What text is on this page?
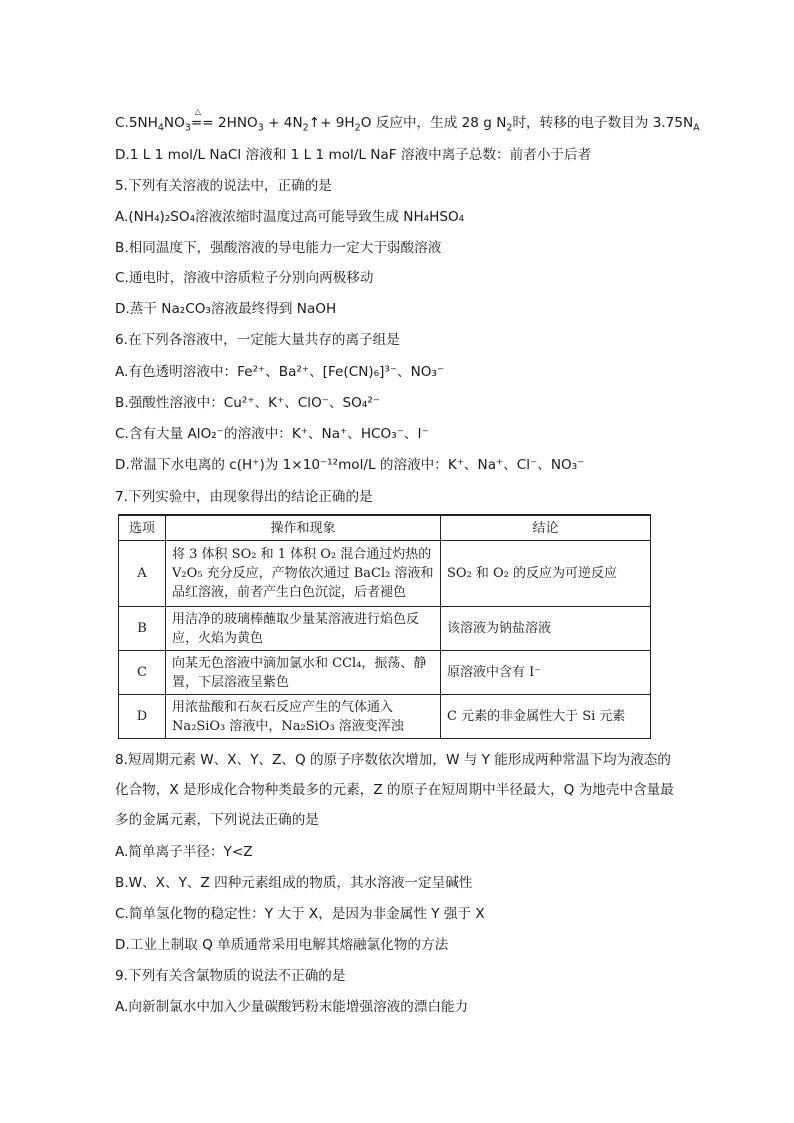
$C.5NH_4NO_3$
△
== $2HNO_3$ + $4N_2↑+ 9H_2O$ 反应中，生成 28 g $N_2$时，转移的电子数目为 $3.75N_A$
D.1 L 1 mol/L NaCl 溶液和 1 L 1 mol/L NaF 溶液中离子总数：前者小于后者
5.下列有关溶液的说法中，正确的是
A.(NH₄)₂SO₄溶液浓缩时温度过高可能导致生成 NH₄HSO₄
B.相同温度下，强酸溶液的导电能力一定大于弱酸溶液
C.通电时，溶液中溶质粒子分别向两极移动
D.蒸干 Na₂CO₃溶液最终得到 NaOH
6.在下列各溶液中，一定能大量共存的离子组是
A.有色透明溶液中：Fe²⁺、Ba²⁺、[Fe(CN)₆]³⁻、NO₃⁻
B.强酸性溶液中：Cu²⁺、K⁺、ClO⁻、SO₄²⁻
C.含有大量 AlO₂⁻的溶液中：K⁺、Na⁺、HCO₃⁻、I⁻
D.常温下水电离的 c(H⁺)为 1×10⁻¹²mol/L 的溶液中：K⁺、Na⁺、Cl⁻、NO₃⁻
7.下列实验中，由现象得出的结论正确的是
选项	操作和现象	结论
A	将 3 体积 SO₂ 和 1 体积 O₂ 混合通过灼热的 V₂O₅ 充分反应，产物依次通过 BaCl₂ 溶液和品红溶液，前者产生白色沉淀，后者褪色	SO₂ 和 O₂ 的反应为可逆反应
B	用洁净的玻璃棒蘸取少量某溶液进行焰色反应，火焰为黄色	该溶液为钠盐溶液
C	向某无色溶液中滴加氯水和 CCl₄，振荡、静置，下层溶液呈紫色	原溶液中含有 I⁻
D	用浓盐酸和石灰石反应产生的气体通入 Na₂SiO₃ 溶液中，Na₂SiO₃ 溶液变浑浊	C 元素的非金属性大于 Si 元素
8.短周期元素 W、X、Y、Z、Q 的原子序数依次增加，W 与 Y 能形成两种常温下均为液态的
化合物，X 是形成化合物种类最多的元素，Z 的原子在短周期中半径最大，Q 为地壳中含量最
多的金属元素，下列说法正确的是
A.简单离子半径：Y<Z
B.W、X、Y、Z 四种元素组成的物质，其水溶液一定呈碱性
C.简单氢化物的稳定性：Y 大于 X，是因为非金属性 Y 强于 X
D.工业上制取 Q 单质通常采用电解其熔融氯化物的方法
9.下列有关含氯物质的说法不正确的是
A.向新制氯水中加入少量碳酸钙粉末能增强溶液的漂白能力
